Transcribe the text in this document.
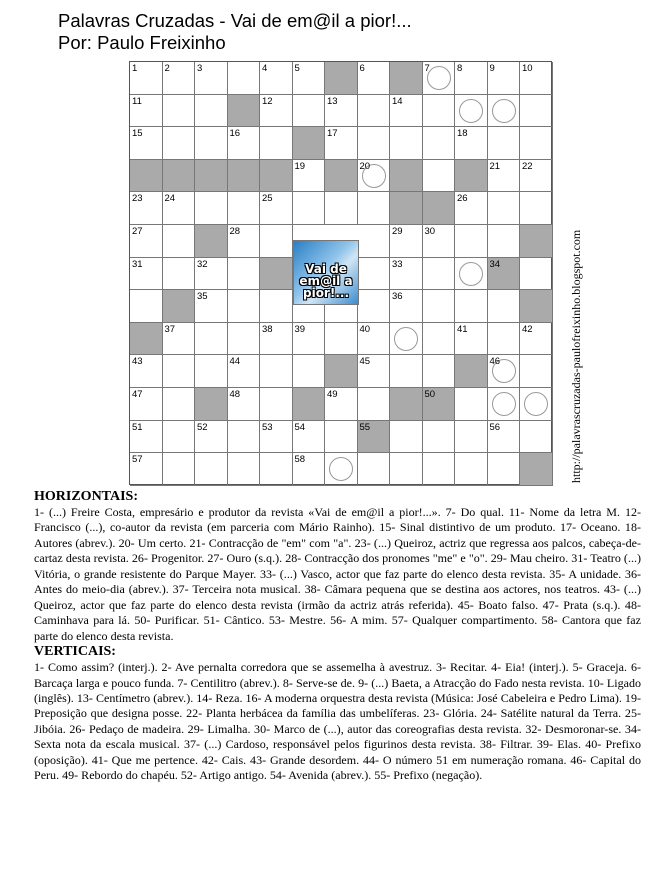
Palavras Cruzadas - Vai de em@il a pior!...
Por: Paulo Freixinho
1	2	3	4	5	6	7	8	9	10
11	12	13	14
15	16	17	18
19	20	21 22
23 24	25	26
27	28	29 30
31	32	33	34
35	36
37	38 39	40	41	42
43	44	45	46
47	48	49	50
51	52	53 54	55	56
57	58
Vai de em@il a pior!...	http://palavrascruzadas-paulofreixinho.blogspot.com
HORIZONTAIS:

1- (...) Freire Costa, empresário e produtor da revista «Vai de em@il a pior!...». 7- Do qual. 11- Nome da letra M. 12- Francisco (...), co-autor da revista (em parceria com Mário Rainho). 15- Sinal distintivo de um produto. 17- Oceano. 18- Autores (abrev.). 20- Um certo. 21- Contracção de "em" com "a". 23- (...) Queiroz, actriz que regressa aos palcos, cabeça-de-cartaz desta revista. 26- Progenitor. 27- Ouro (s.q.). 28- Contracção dos pronomes "me" e "o". 29- Mau cheiro. 31- Teatro (...) Vitória, o grande resistente do Parque Mayer. 33- (...) Vasco, actor que faz parte do elenco desta revista. 35- A unidade. 36- Antes do meio-dia (abrev.). 37- Terceira nota musical. 38- Câmara pequena que se destina aos actores, nos teatros. 43- (...) Queiroz, actor que faz parte do elenco desta revista (irmão da actriz atrás referida). 45- Boato falso. 47- Prata (s.q.). 48- Caminhava para lá. 50- Purificar. 51- Cântico. 53- Mestre. 56- A mim. 57- Qualquer compartimento. 58- Cantora que faz parte do elenco desta revista.

VERTICAIS:

1- Como assim? (interj.). 2- Ave pernalta corredora que se assemelha à avestruz. 3- Recitar. 4- Eia! (interj.). 5- Graceja. 6- Barcaça larga e pouco funda. 7- Centilitro (abrev.). 8- Serve-se de. 9- (...) Baeta, a Atracção do Fado nesta revista. 10- Ligado (inglês). 13- Centímetro (abrev.). 14- Reza. 16- A moderna orquestra desta revista (Música: José Cabeleira e Pedro Lima). 19- Preposição que designa posse. 22- Planta herbácea da família das umbelíferas. 23- Glória. 24- Satélite natural da Terra. 25- Jibóia. 26- Pedaço de madeira. 29- Limalha. 30- Marco de (...), autor das coreografias desta revista. 32- Desmoronar-se. 34- Sexta nota da escala musical. 37- (...) Cardoso, responsável pelos figurinos desta revista. 38- Filtrar. 39- Elas. 40- Prefixo (oposição). 41- Que me pertence. 42- Cais. 43- Grande desordem. 44- O número 51 em numeração romana. 46- Capital do Peru. 49- Rebordo do chapéu. 52- Artigo antigo. 54- Avenida (abrev.). 55- Prefixo (negação).
